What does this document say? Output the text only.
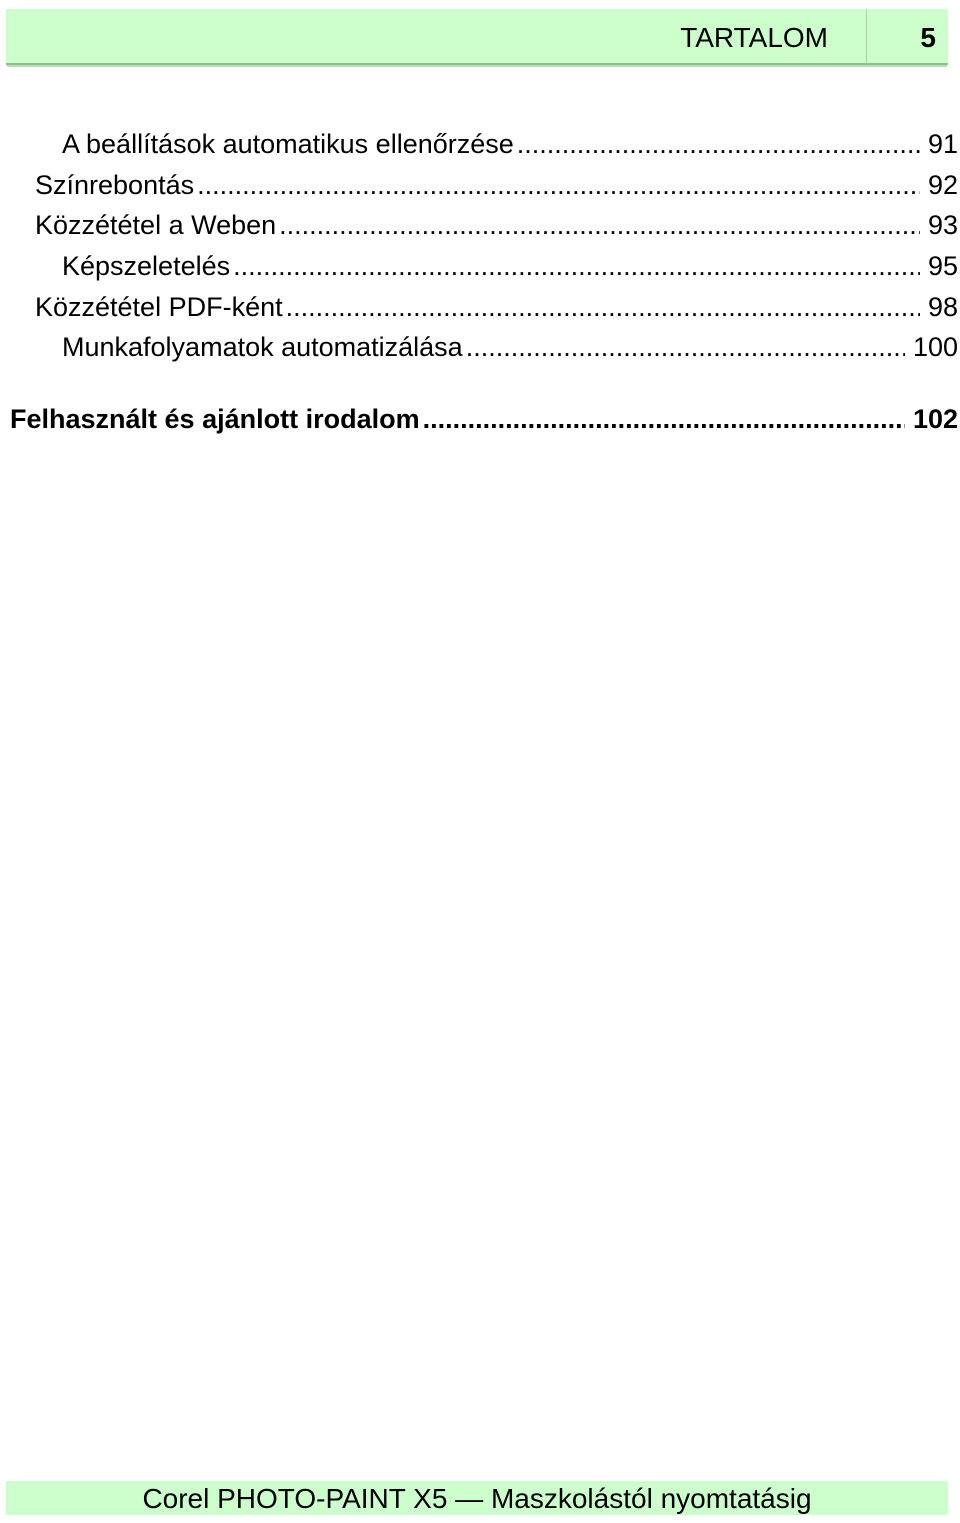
TARTALOM	5
A beállítások automatikus ellenőrzése .....	91
Színrebontás .....	92
Közzététel a Weben .....	93
Képszeletelés .....	95
Közzététel PDF-ként .....	98
Munkafolyamatok automatizálása .....	100
Felhasznált és ajánlott irodalom .....	102
Corel PHOTO-PAINT X5 — Maszkolástól nyomtatásig
